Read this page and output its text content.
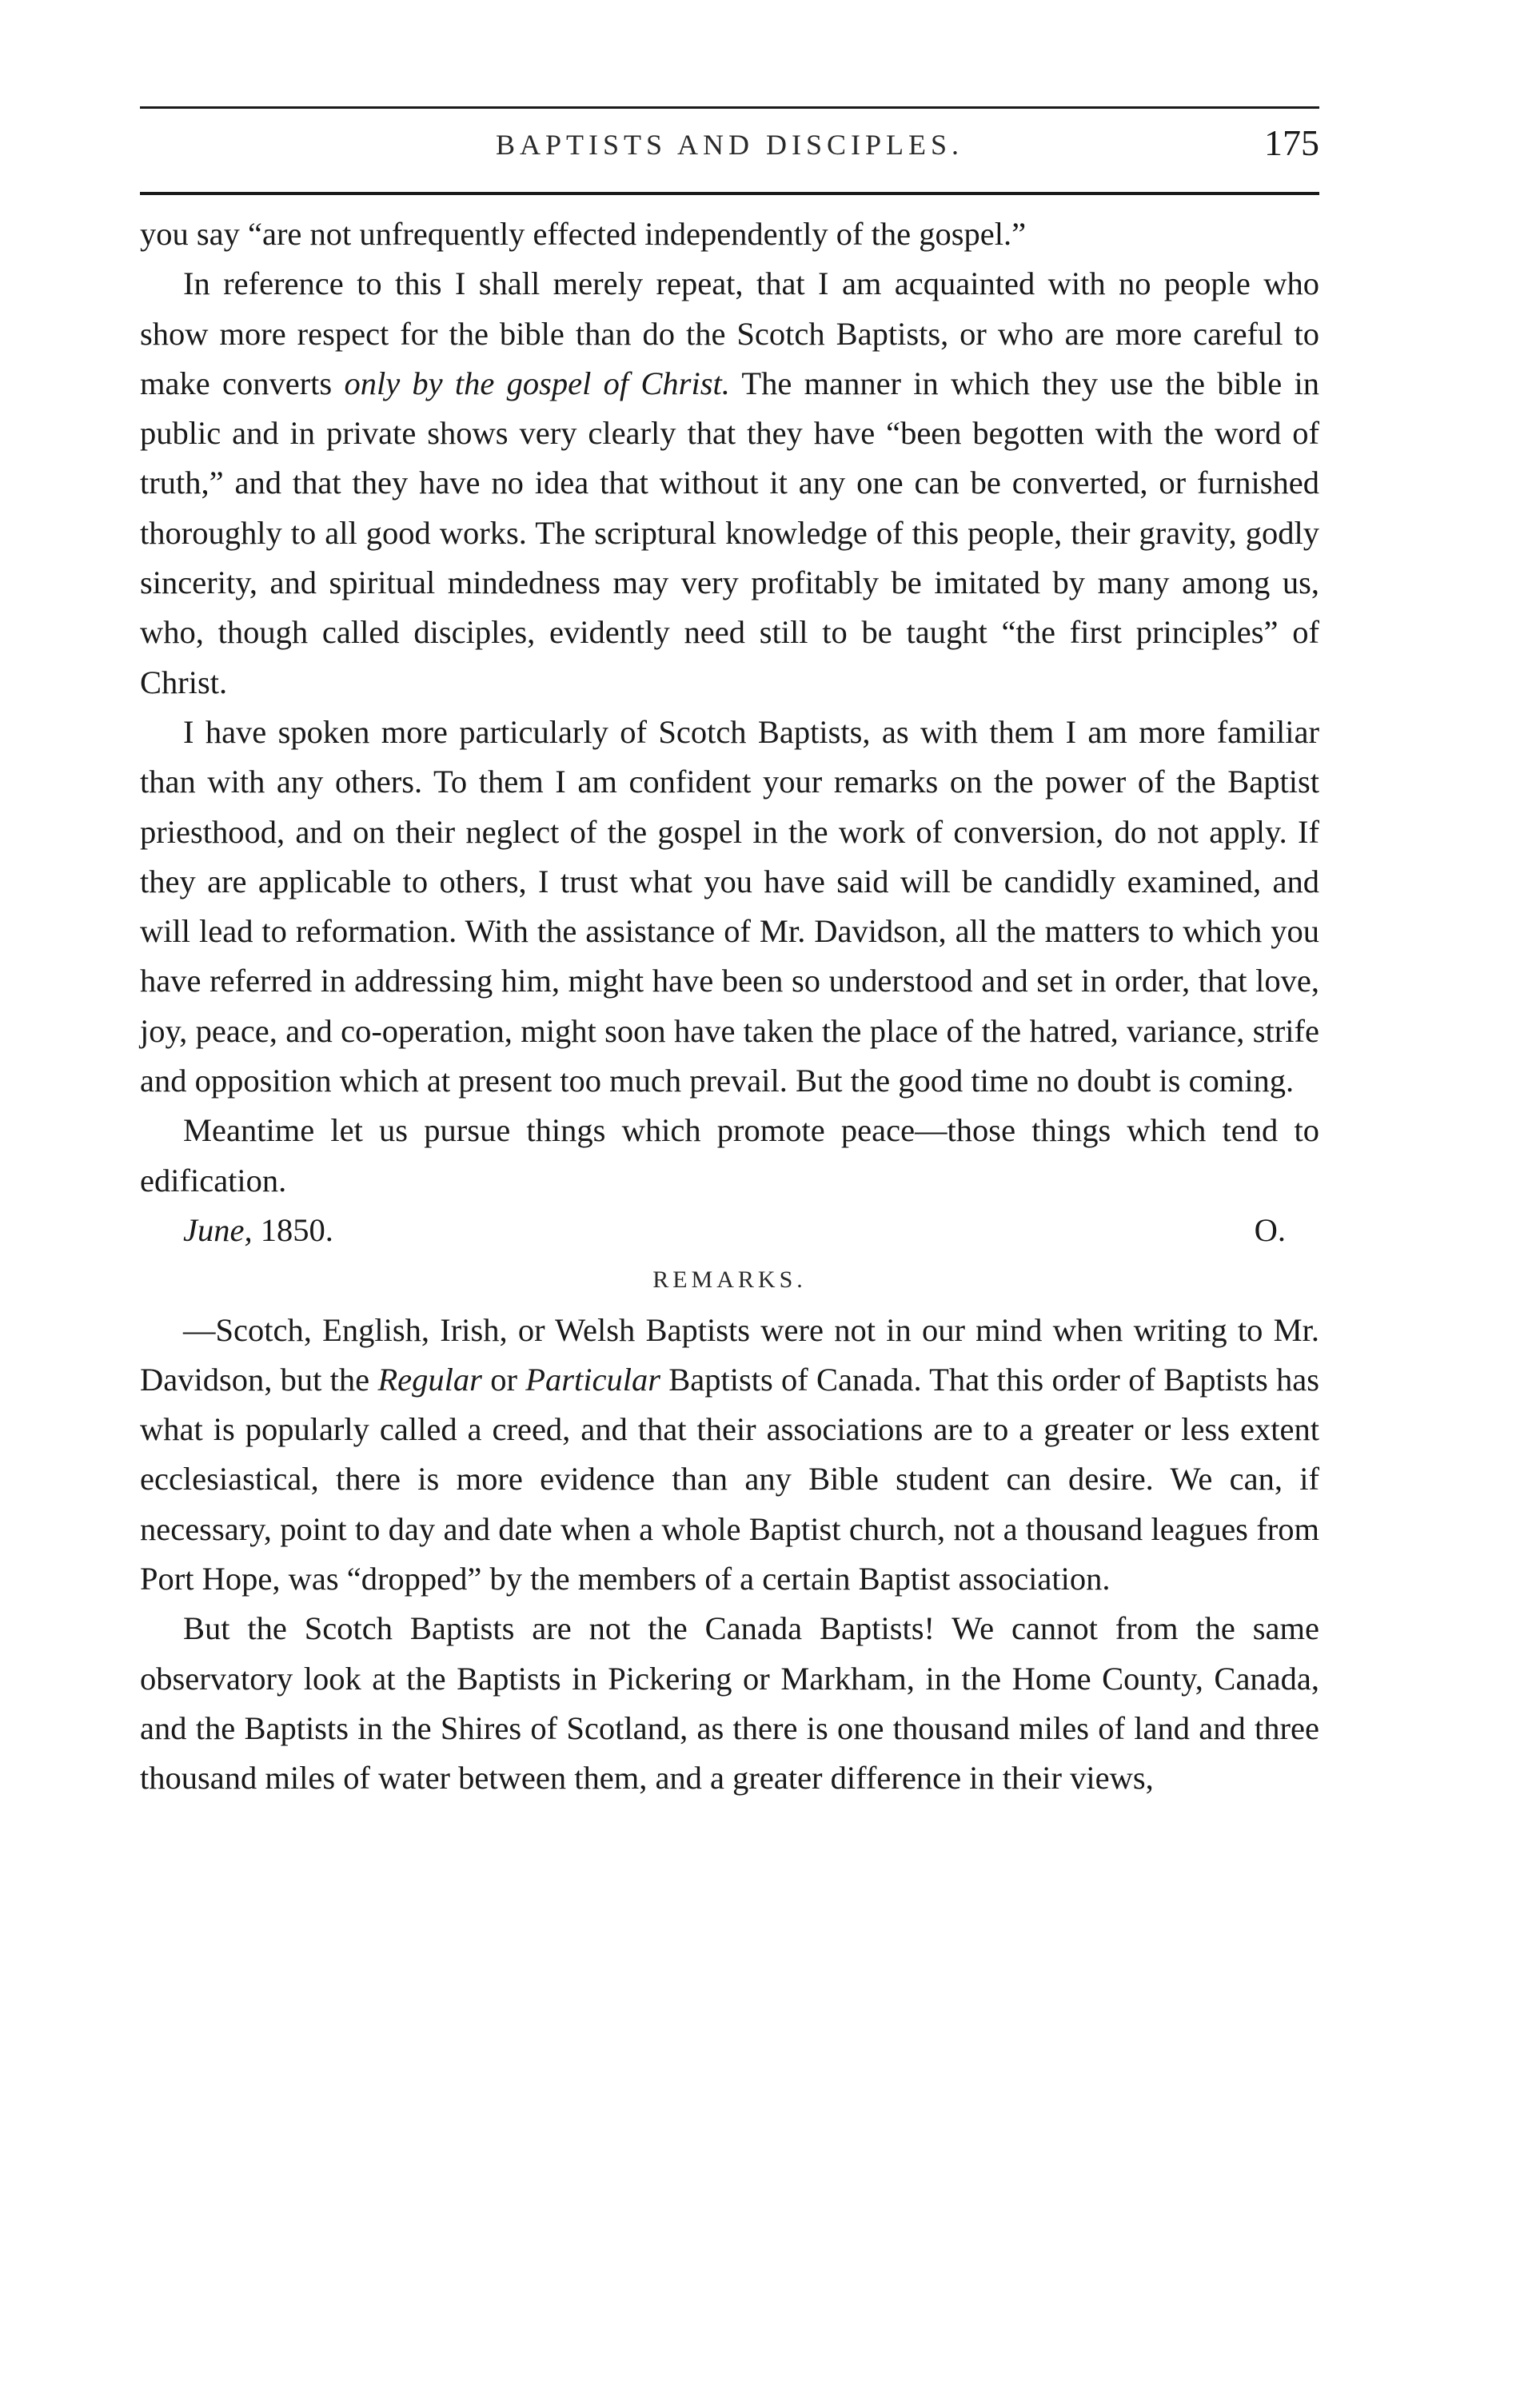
BAPTISTS AND DISCIPLES.	175

you say “are not unfrequently effected independently of the gospel.”

In reference to this I shall merely repeat, that I am acquainted with no people who show more respect for the bible than do the Scotch Baptists, or who are more careful to make converts only by the gospel of Christ. The manner in which they use the bible in public and in private shows very clearly that they have “been begotten with the word of truth,” and that they have no idea that without it any one can be converted, or furnished thoroughly to all good works. The scriptural knowledge of this people, their gravity, godly sincerity, and spiritual mindedness may very profitably be imitated by many among us, who, though called disciples, evidently need still to be taught “the first principles” of Christ.

I have spoken more particularly of Scotch Baptists, as with them I am more familiar than with any others. To them I am confident your remarks on the power of the Baptist priesthood, and on their neglect of the gospel in the work of conversion, do not apply. If they are applicable to others, I trust what you have said will be candidly examined, and will lead to reformation. With the assistance of Mr. Davidson, all the matters to which you have referred in addressing him, might have been so understood and set in order, that love, joy, peace, and co-operation, might soon have taken the place of the hatred, variance, strife and opposition which at present too much prevail. But the good time no doubt is coming.

Meantime let us pursue things which promote peace—those things which tend to edification.

June, 1850.	O.
REMARKS.

—Scotch, English, Irish, or Welsh Baptists were not in our mind when writing to Mr. Davidson, but the Regular or Particular Baptists of Canada. That this order of Baptists has what is popularly called a creed, and that their associations are to a greater or less extent ecclesiastical, there is more evidence than any Bible student can desire. We can, if necessary, point to day and date when a whole Baptist church, not a thousand leagues from Port Hope, was “dropped” by the members of a certain Baptist association.

But the Scotch Baptists are not the Canada Baptists! We cannot from the same observatory look at the Baptists in Pickering or Markham, in the Home County, Canada, and the Baptists in the Shires of Scotland, as there is one thousand miles of land and three thousand miles of water between them, and a greater difference in their views,
